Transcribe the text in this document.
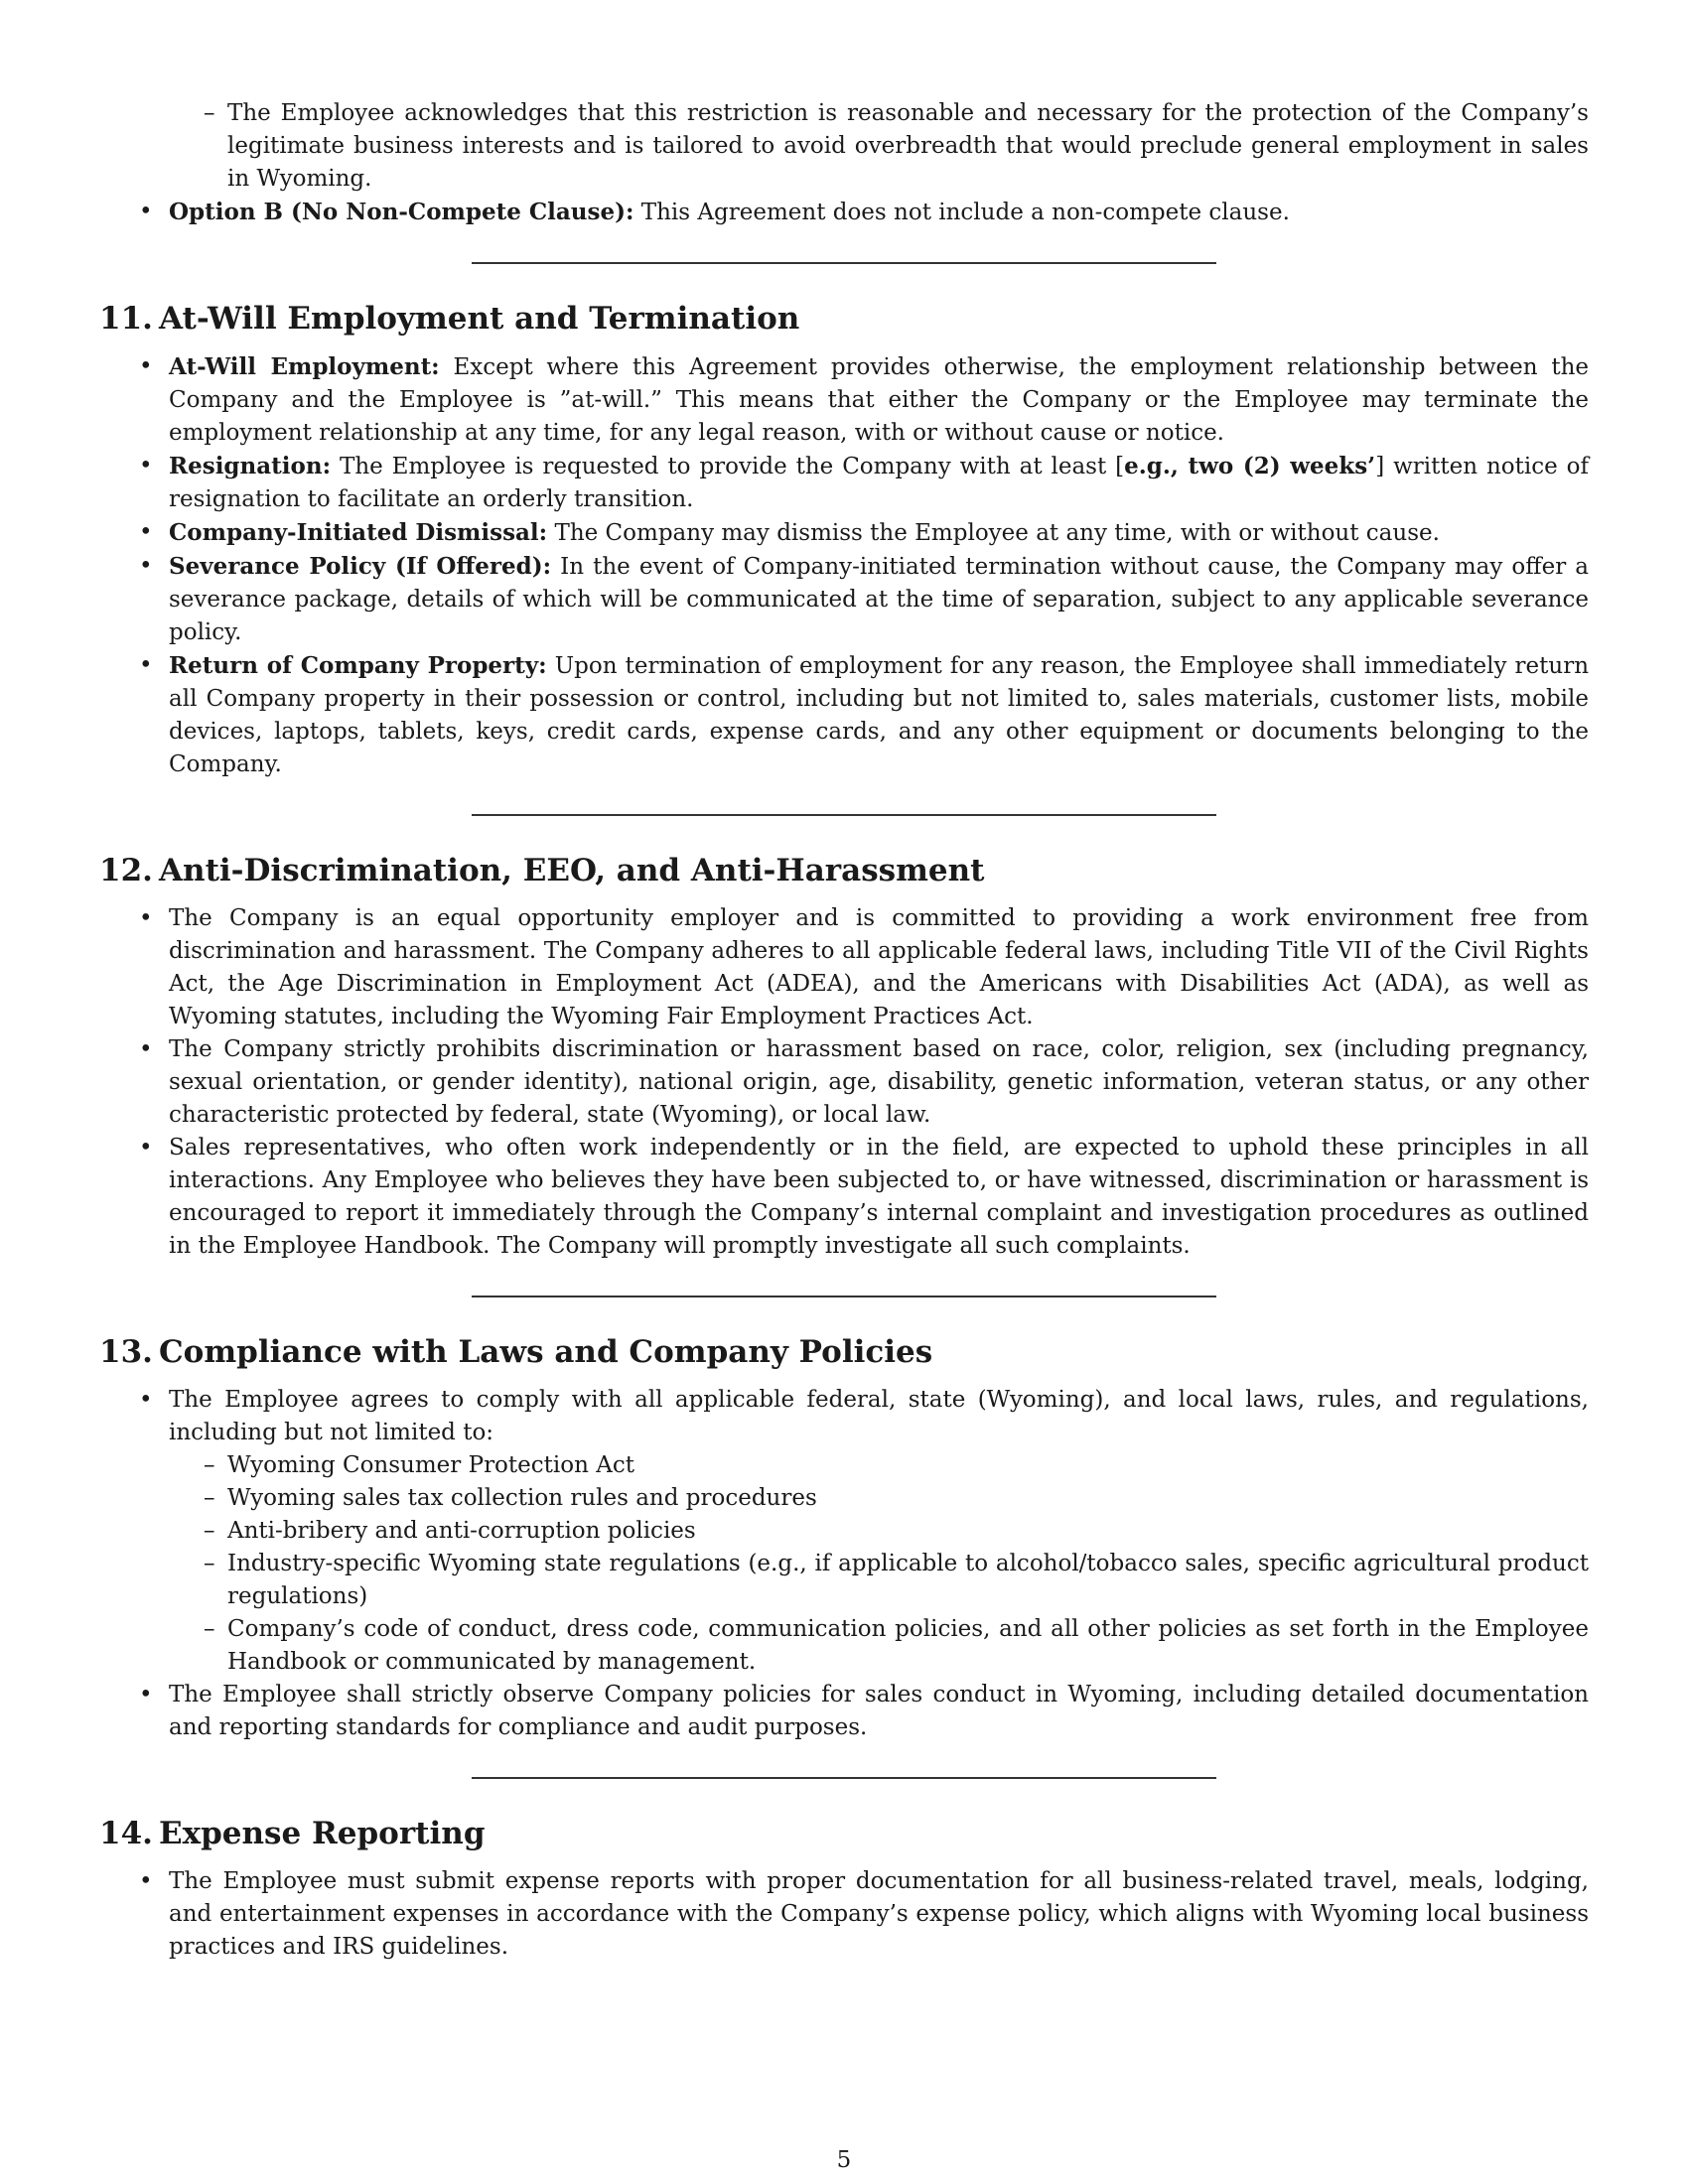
– The Employee acknowledges that this restriction is reasonable and necessary for the protection of the Company’s legitimate business interests and is tailored to avoid overbreadth that would preclude general employment in sales in Wyoming.
• Option B (No Non-Compete Clause): This Agreement does not include a non-compete clause.
11. At-Will Employment and Termination
• At-Will Employment: Except where this Agreement provides otherwise, the employment relationship between the Company and the Employee is ”at-will.” This means that either the Company or the Employee may terminate the employment relationship at any time, for any legal reason, with or without cause or notice.
• Resignation: The Employee is requested to provide the Company with at least [e.g., two (2) weeks’] written notice of resignation to facilitate an orderly transition.
• Company-Initiated Dismissal: The Company may dismiss the Employee at any time, with or without cause.
• Severance Policy (If Offered): In the event of Company-initiated termination without cause, the Company may offer a severance package, details of which will be communicated at the time of separation, subject to any applicable severance policy.
• Return of Company Property: Upon termination of employment for any reason, the Employee shall immediately return all Company property in their possession or control, including but not limited to, sales materials, customer lists, mobile devices, laptops, tablets, keys, credit cards, expense cards, and any other equipment or documents belonging to the Company.
12. Anti-Discrimination, EEO, and Anti-Harassment
• The Company is an equal opportunity employer and is committed to providing a work environment free from discrimination and harassment. The Company adheres to all applicable federal laws, including Title VII of the Civil Rights Act, the Age Discrimination in Employment Act (ADEA), and the Americans with Disabilities Act (ADA), as well as Wyoming statutes, including the Wyoming Fair Employment Practices Act.
• The Company strictly prohibits discrimination or harassment based on race, color, religion, sex (including pregnancy, sexual orientation, or gender identity), national origin, age, disability, genetic information, veteran status, or any other characteristic protected by federal, state (Wyoming), or local law.
• Sales representatives, who often work independently or in the field, are expected to uphold these principles in all interactions. Any Employee who believes they have been subjected to, or have witnessed, discrimination or harassment is encouraged to report it immediately through the Company’s internal complaint and investigation procedures as outlined in the Employee Handbook. The Company will promptly investigate all such complaints.
13. Compliance with Laws and Company Policies
• The Employee agrees to comply with all applicable federal, state (Wyoming), and local laws, rules, and regulations, including but not limited to:
– Wyoming Consumer Protection Act
– Wyoming sales tax collection rules and procedures
– Anti-bribery and anti-corruption policies
– Industry-specific Wyoming state regulations (e.g., if applicable to alcohol/tobacco sales, specific agricultural product regulations)
– Company’s code of conduct, dress code, communication policies, and all other policies as set forth in the Employee Handbook or communicated by management.
• The Employee shall strictly observe Company policies for sales conduct in Wyoming, including detailed documentation and reporting standards for compliance and audit purposes.
14. Expense Reporting
• The Employee must submit expense reports with proper documentation for all business-related travel, meals, lodging, and entertainment expenses in accordance with the Company’s expense policy, which aligns with Wyoming local business practices and IRS guidelines.
5
